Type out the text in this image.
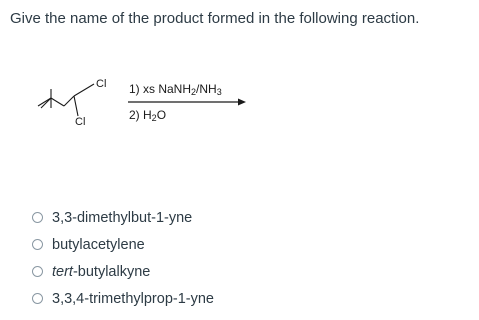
Give the name of the product formed in the following reaction.
Cl
Cl
1) xs $NaNH_2/NH_3$
2) $H_2O$
3,3-dimethylbut-1-yne
butylacetylene
tert-butylalkyne
3,3,4-trimethylprop-1-yne
